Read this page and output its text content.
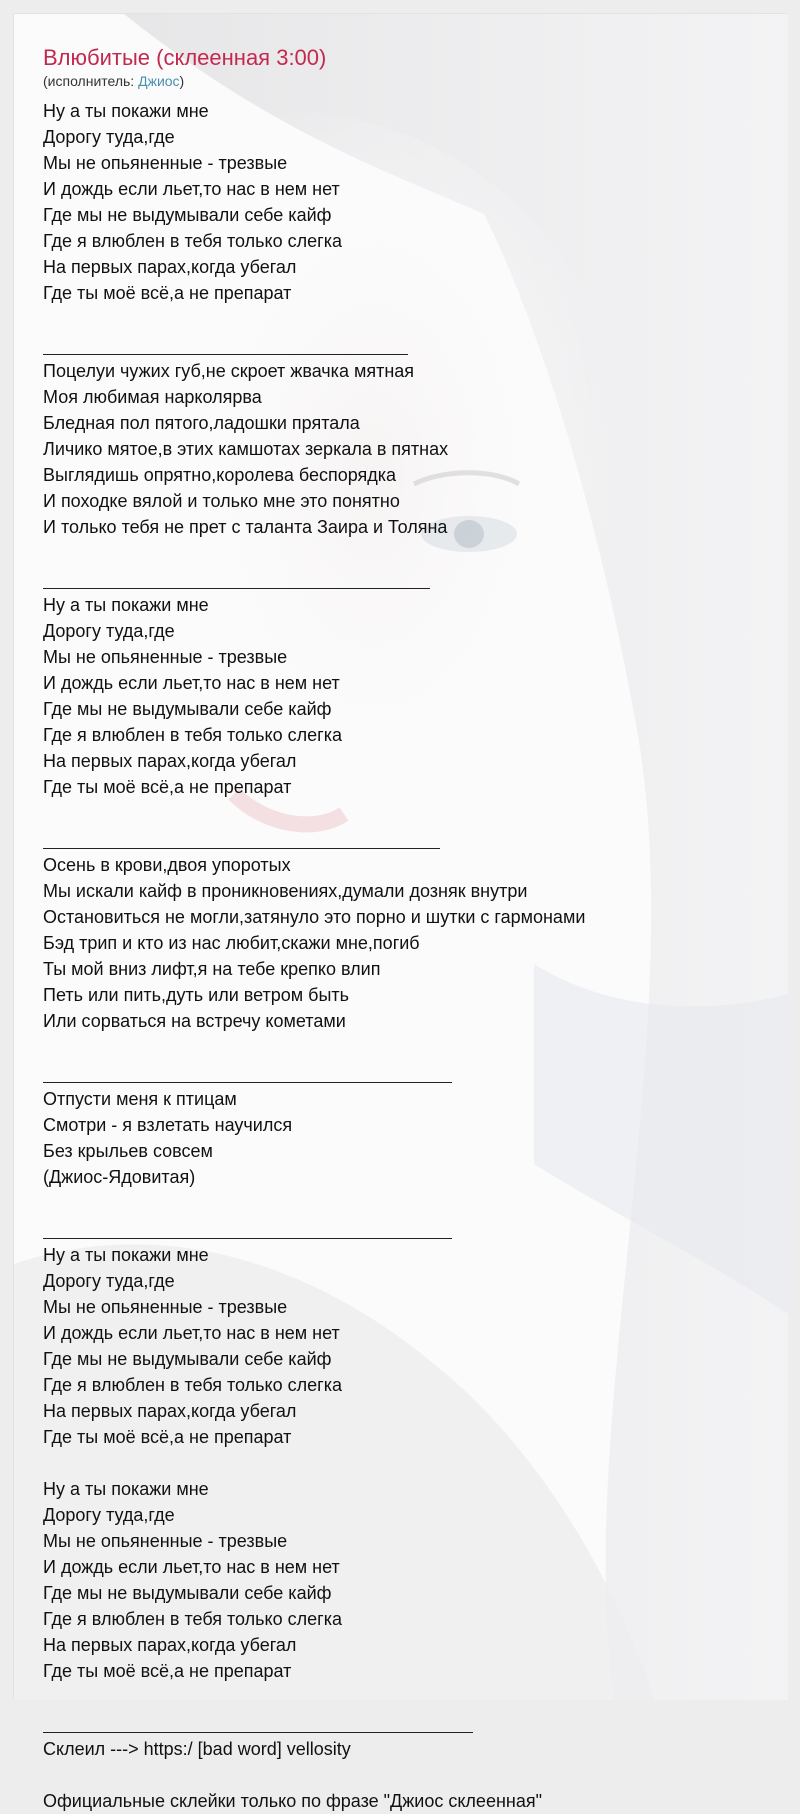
Влюбитые (склеенная 3:00)
(исполнитель: Джиос)
Ну а ты покажи мне
Дорогу туда,где
Мы не опьяненные - трезвые
И дождь если льет,то нас в нем нет
Где мы не выдумывали себе кайф
Где я влюблен в тебя только слегка
На первых парах,когда убегал
Где ты моё всё,а не препарат
Поцелуи чужих губ,не скроет жвачка мятная
Моя любимая нарколярва
Бледная пол пятого,ладошки прятала
Личико мятое,в этих камшотах зеркала в пятнах
Выглядишь опрятно,королева беспорядка
И походке вялой и только мне это понятно
И только тебя не прет с таланта Заира и Толяна
Ну а ты покажи мне
Дорогу туда,где
Мы не опьяненные - трезвые
И дождь если льет,то нас в нем нет
Где мы не выдумывали себе кайф
Где я влюблен в тебя только слегка
На первых парах,когда убегал
Где ты моё всё,а не препарат
Осень в крови,двоя упоротых
Мы искали кайф в проникновениях,думали дозняк внутри
Остановиться не могли,затянуло это порно и шутки с гармонами
Бэд трип и кто из нас любит,скажи мне,погиб
Ты мой вниз лифт,я на тебе крепко влип
Петь или пить,дуть или ветром быть
Или сорваться на встречу кометами
Отпусти меня к птицам
Смотри - я взлетать научился
Без крыльев совсем
(Джиос-Ядовитая)
Ну а ты покажи мне
Дорогу туда,где
Мы не опьяненные - трезвые
И дождь если льет,то нас в нем нет
Где мы не выдумывали себе кайф
Где я влюблен в тебя только слегка
На первых парах,когда убегал
Где ты моё всё,а не препарат
Ну а ты покажи мне
Дорогу туда,где
Мы не опьяненные - трезвые
И дождь если льет,то нас в нем нет
Где мы не выдумывали себе кайф
Где я влюблен в тебя только слегка
На первых парах,когда убегал
Где ты моё всё,а не препарат
Склеил ---> https:/ [bad word] vellosity
Официальные склейки только по фразе "Джиос склеенная"
